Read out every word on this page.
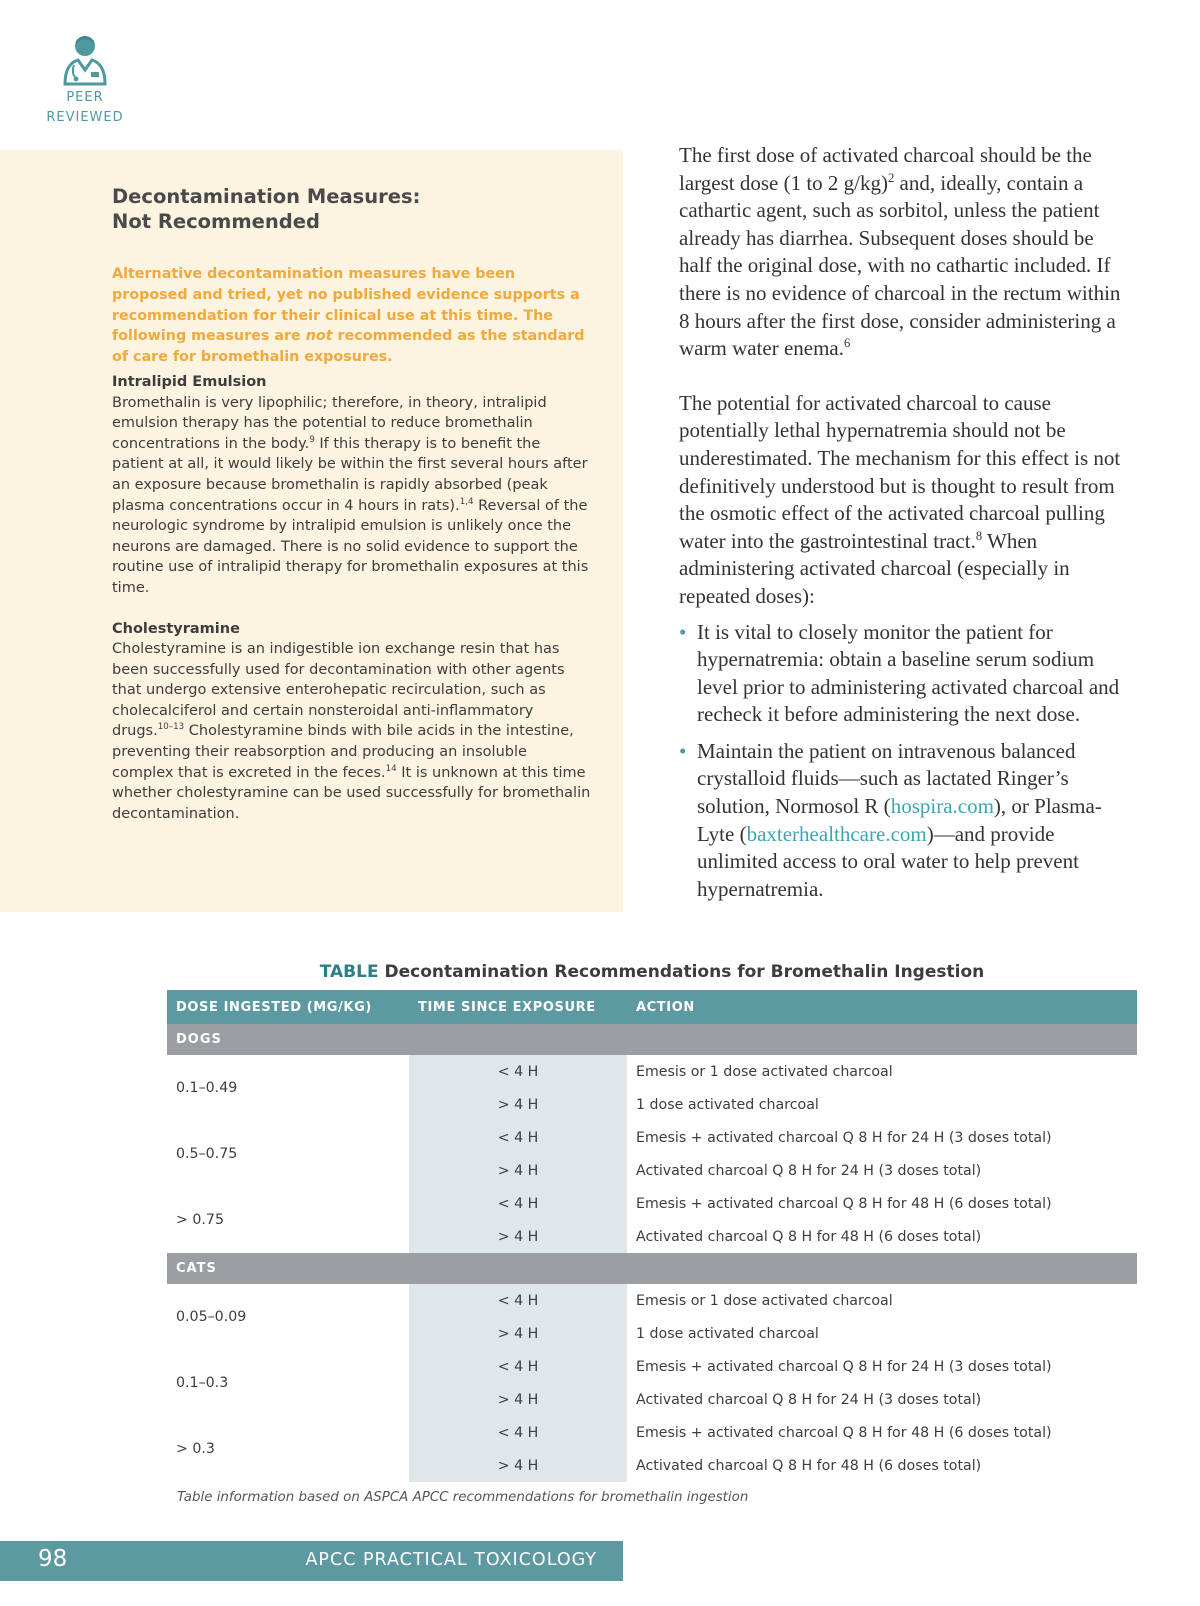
PEER
REVIEWED
Decontamination Measures:
Not Recommended

Alternative decontamination measures have been proposed and tried, yet no published evidence supports a recommendation for their clinical use at this time. The following measures are not recommended as the standard of care for bromethalin exposures.

Intralipid Emulsion

Bromethalin is very lipophilic; therefore, in theory, intralipid emulsion therapy has the potential to reduce bromethalin concentrations in the body.$^9$ If this therapy is to benefit the patient at all, it would likely be within the first several hours after an exposure because bromethalin is rapidly absorbed (peak plasma concentrations occur in 4 hours in rats).$^{1,4}$ Reversal of the neurologic syndrome by intralipid emulsion is unlikely once the neurons are damaged. There is no solid evidence to support the routine use of intralipid therapy for bromethalin exposures at this time.

Cholestyramine

Cholestyramine is an indigestible ion exchange resin that has been successfully used for decontamination with other agents that undergo extensive enterohepatic recirculation, such as cholecalciferol and certain nonsteroidal anti-inflammatory drugs.$^{10-13}$ Cholestyramine binds with bile acids in the intestine, preventing their reabsorption and producing an insoluble complex that is excreted in the feces.$^{14}$ It is unknown at this time whether cholestyramine can be used successfully for bromethalin decontamination.

The first dose of activated charcoal should be the largest dose (1 to 2 g/kg)$^2$ and, ideally, contain a cathartic agent, such as sorbitol, unless the patient already has diarrhea. Subsequent doses should be half the original dose, with no cathartic included. If there is no evidence of charcoal in the rectum within 8 hours after the first dose, consider administering a warm water enema.$^6$

The potential for activated charcoal to cause potentially lethal hypernatremia should not be underestimated. The mechanism for this effect is not definitively understood but is thought to result from the osmotic effect of the activated charcoal pulling water into the gastrointestinal tract.$^8$ When administering activated charcoal (especially in repeated doses):

• It is vital to closely monitor the patient for hypernatremia: obtain a baseline serum sodium level prior to administering activated charcoal and recheck it before administering the next dose.
• Maintain the patient on intravenous balanced crystalloid fluids—such as lactated Ringer’s solution, Normosol R (hospira.com), or Plasma-Lyte (baxterhealthcare.com)—and provide unlimited access to oral water to help prevent hypernatremia.
TABLE Decontamination Recommendations for Bromethalin Ingestion
DOSE INGESTED (MG/KG)	TIME SINCE EXPOSURE	ACTION
DOGS		
0.1–0.49	< 4 H	Emesis or 1 dose activated charcoal
	> 4 H	1 dose activated charcoal
0.5–0.75	< 4 H	Emesis + activated charcoal Q 8 H for 24 H (3 doses total)
	> 4 H	Activated charcoal Q 8 H for 24 H (3 doses total)
> 0.75	< 4 H	Emesis + activated charcoal Q 8 H for 48 H (6 doses total)
	> 4 H	Activated charcoal Q 8 H for 48 H (6 doses total)
CATS		
0.05–0.09	< 4 H	Emesis or 1 dose activated charcoal
	> 4 H	1 dose activated charcoal
0.1–0.3	< 4 H	Emesis + activated charcoal Q 8 H for 24 H (3 doses total)
	> 4 H	Activated charcoal Q 8 H for 24 H (3 doses total)
> 0.3	< 4 H	Emesis + activated charcoal Q 8 H for 48 H (6 doses total)
	> 4 H	Activated charcoal Q 8 H for 48 H (6 doses total)
Table information based on ASPCA APCC recommendations for bromethalin ingestion
98	APCC PRACTICAL TOXICOLOGY
